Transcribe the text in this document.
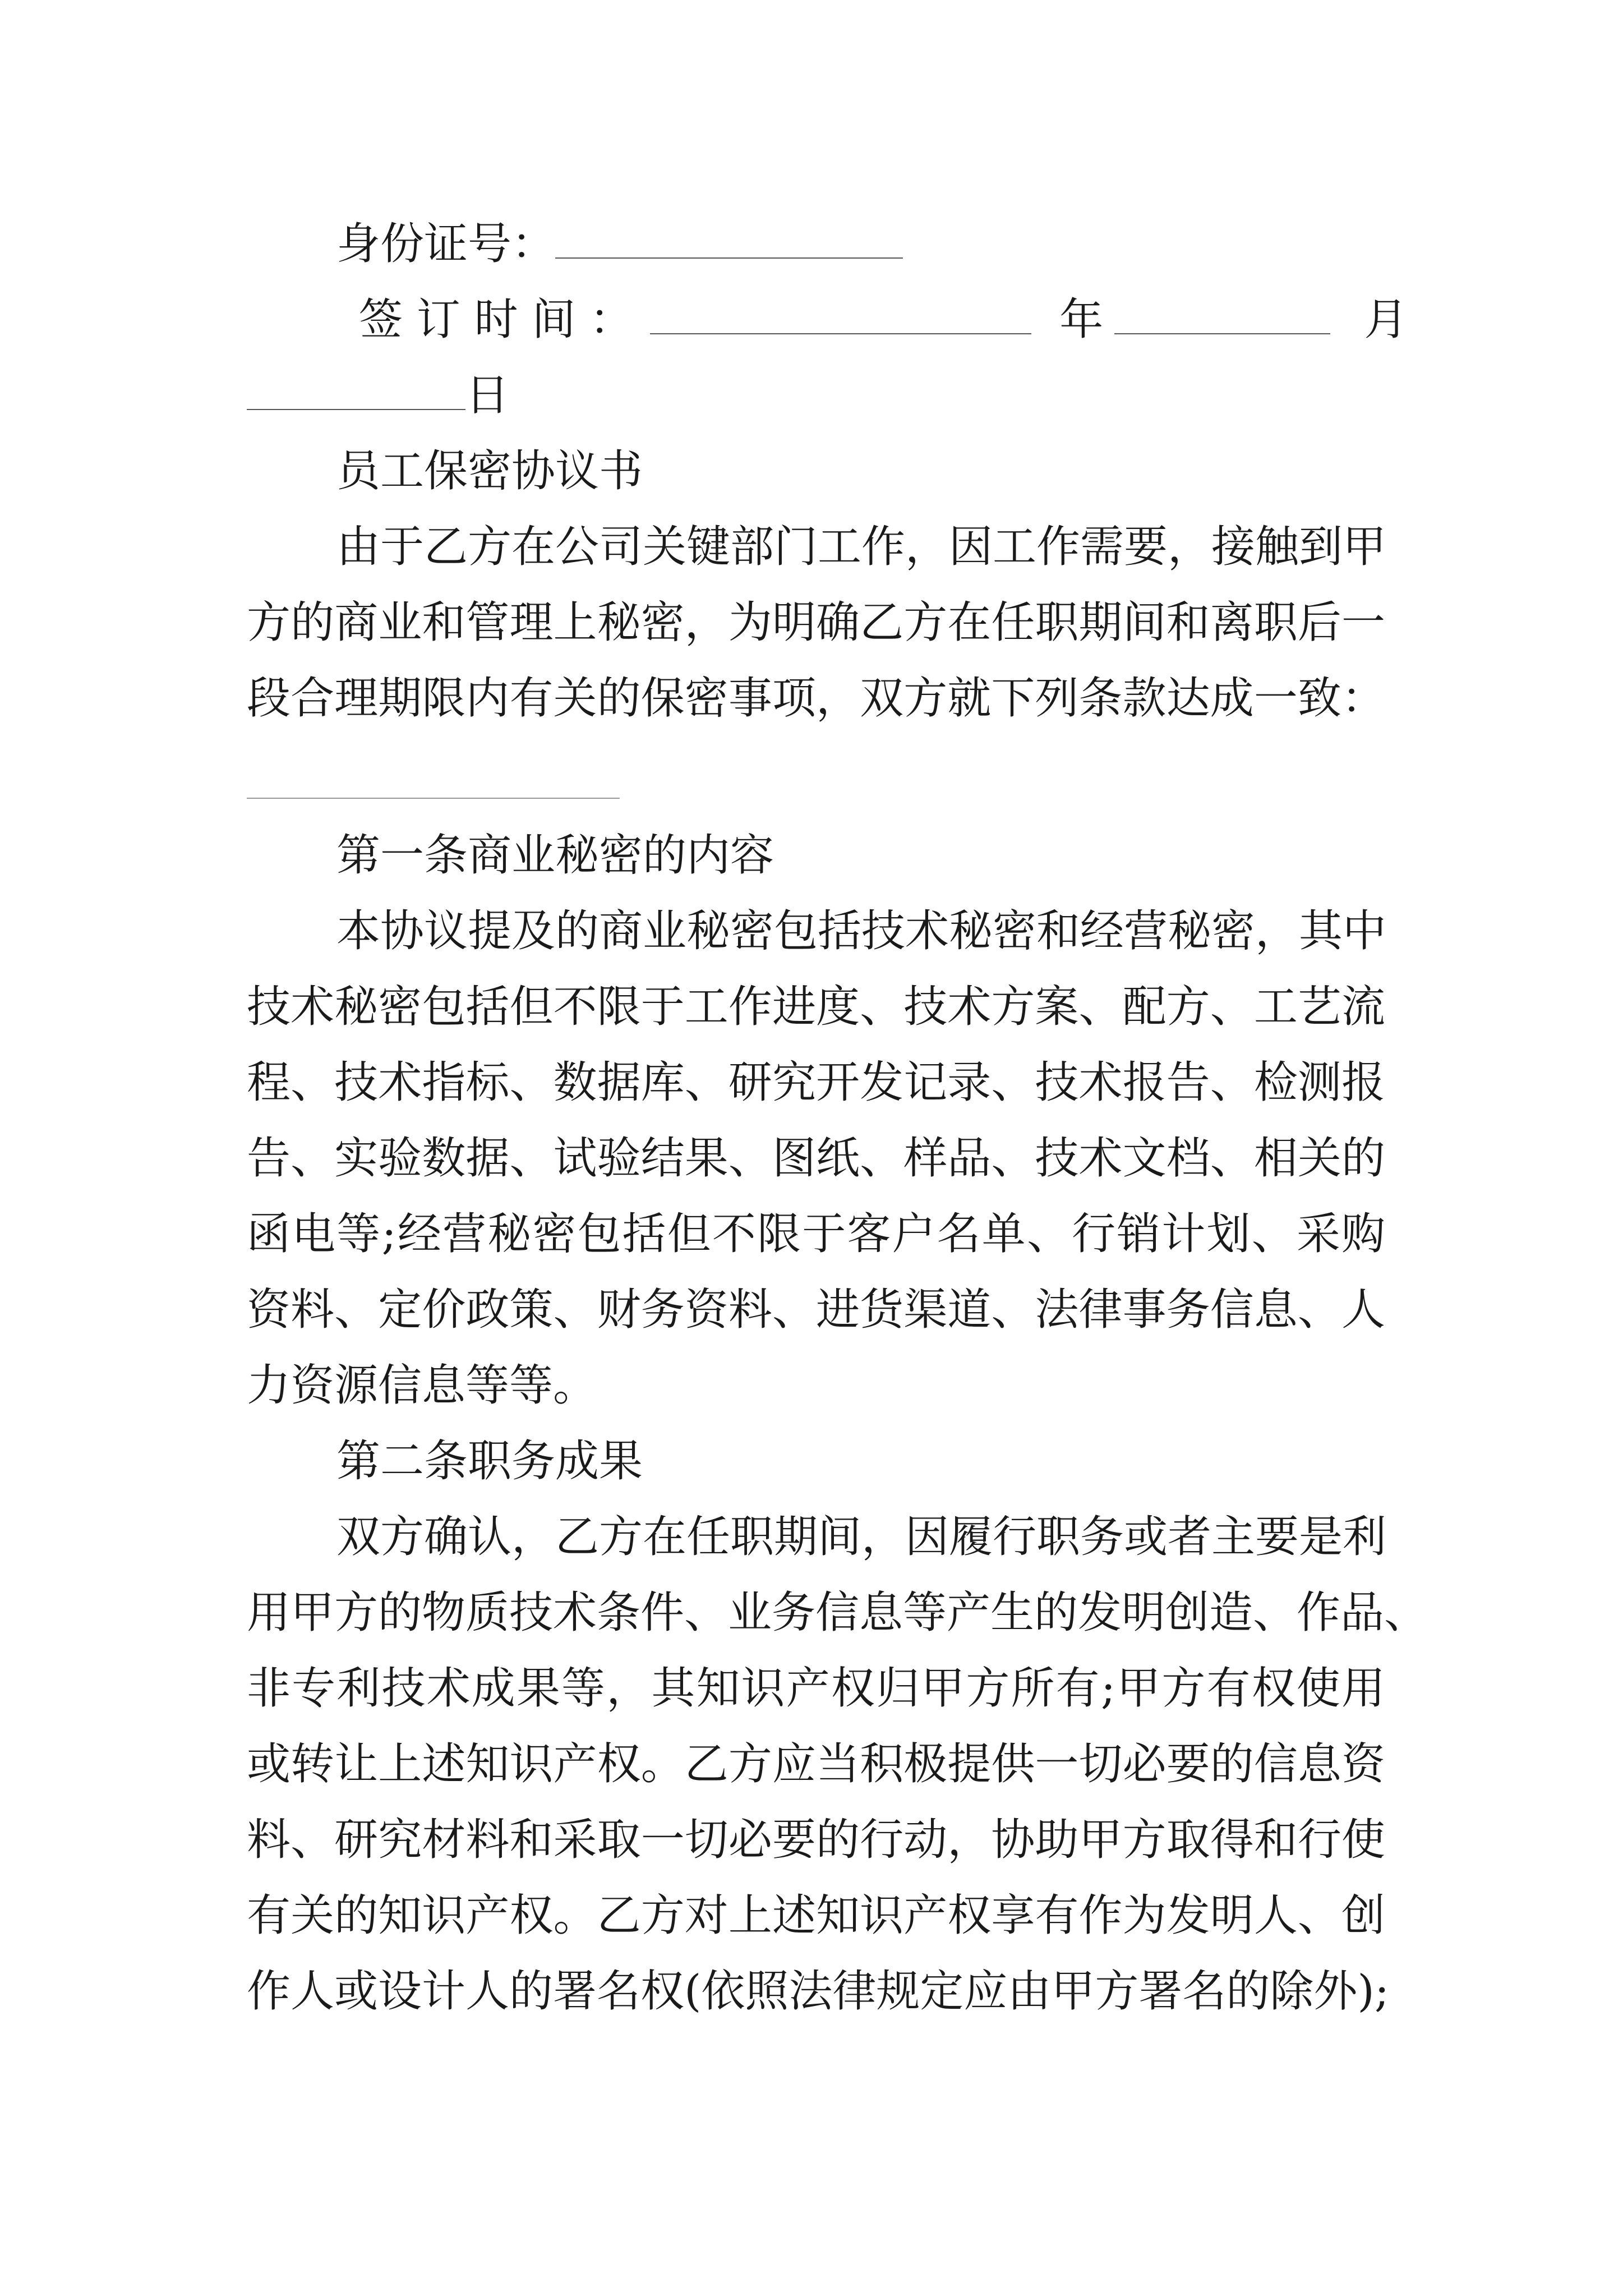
身份证号：
签 订 时 间 ：	年	月
日
员工保密协议书
由于乙方在公司关键部门工作，因工作需要，接触到甲
方的商业和管理上秘密，为明确乙方在任职期间和离职后一
段合理期限内有关的保密事项，双方就下列条款达成一致：
第一条商业秘密的内容
本协议提及的商业秘密包括技术秘密和经营秘密，其中
技术秘密包括但不限于工作进度、技术方案、配方、工艺流
程、技术指标、数据库、研究开发记录、技术报告、检测报
告、实验数据、试验结果、图纸、样品、技术文档、相关的
函电等;经营秘密包括但不限于客户名单、行销计划、采购
资料、定价政策、财务资料、进货渠道、法律事务信息、人
力资源信息等等。
第二条职务成果
双方确认，乙方在任职期间，因履行职务或者主要是利
用甲方的物质技术条件、业务信息等产生的发明创造、作品、
非专利技术成果等，其知识产权归甲方所有;甲方有权使用
或转让上述知识产权。乙方应当积极提供一切必要的信息资
料、研究材料和采取一切必要的行动，协助甲方取得和行使
有关的知识产权。乙方对上述知识产权享有作为发明人、创
作人或设计人的署名权(依照法律规定应由甲方署名的除外);
